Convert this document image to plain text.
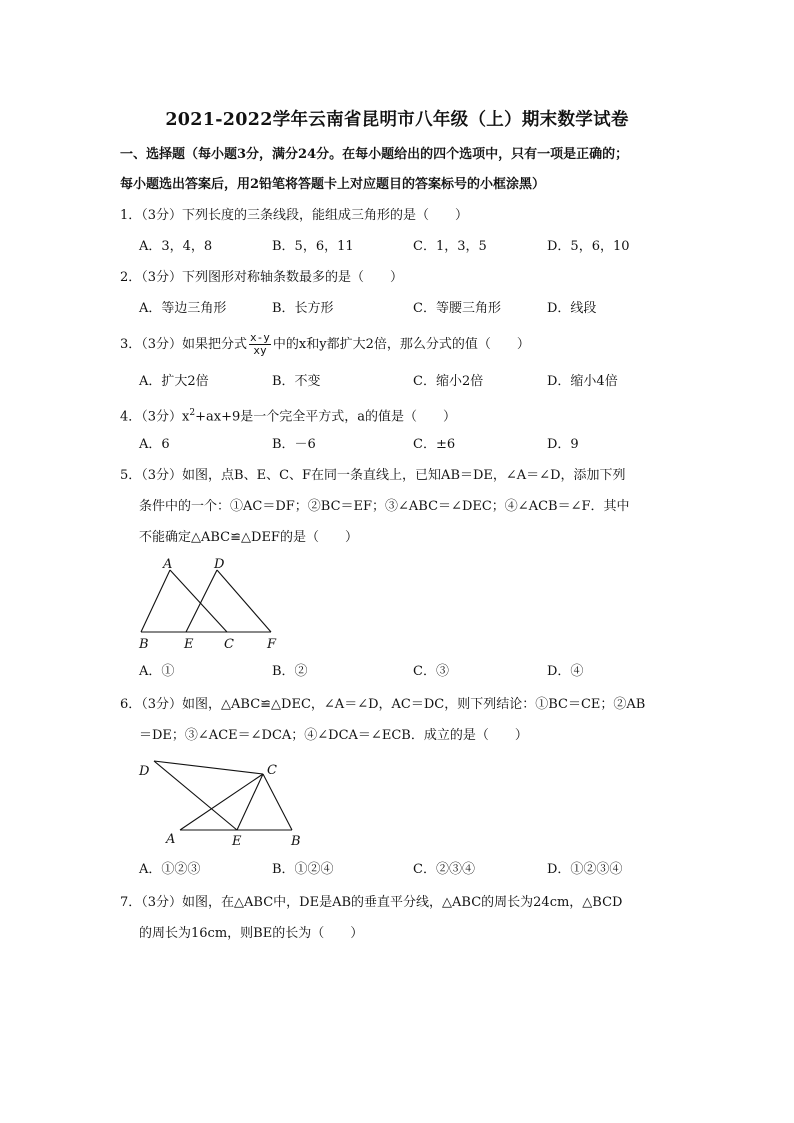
2021-2022学年云南省昆明市八年级（上）期末数学试卷
一、选择题（每小题3分，满分24分。在每小题给出的四个选项中，只有一项是正确的；
每小题选出答案后，用2铅笔将答题卡上对应题目的答案标号的小框涂黑）
1．（3分）下列长度的三条线段，能组成三角形的是（　　）
A．3，4，8	B．5，6，11	C．1，3，5	D．5，6，10
2．（3分）下列图形对称轴条数最多的是（　　）
A．等边三角形	B．长方形	C．等腰三角形	D．线段
3．（3分）如果把分式 $\frac{x-y}{xy}$ 中的x和y都扩大2倍，那么分式的值（　　）
A．扩大2倍	B．不变	C．缩小2倍	D．缩小4倍
4．（3分）$x^2+ax+9$是一个完全平方式，a的值是（　　）
A．6	B．－6	C．±6	D．9
5．（3分）如图，点B、E、C、F在同一条直线上，已知AB＝DE，∠A＝∠D，添加下列
条件中的一个：①AC＝DF；②BC＝EF；③∠ABC＝∠DEC；④∠ACB＝∠F．其中
不能确定△ABC≌△DEF的是（　　）
A	D
B	E C	F
A．①	B．②	C．③	D．④
6．（3分）如图，△ABC≌△DEC，∠A＝∠D，AC＝DC，则下列结论：①BC＝CE；②AB
＝DE；③∠ACE＝∠DCA；④∠DCA＝∠ECB．成立的是（　　）
D	C
A	E	B
A．①②③	B．①②④	C．②③④	D．①②③④
7．（3分）如图，在△ABC中，DE是AB的垂直平分线，△ABC的周长为24cm，△BCD
的周长为16cm，则BE的长为（　　）
